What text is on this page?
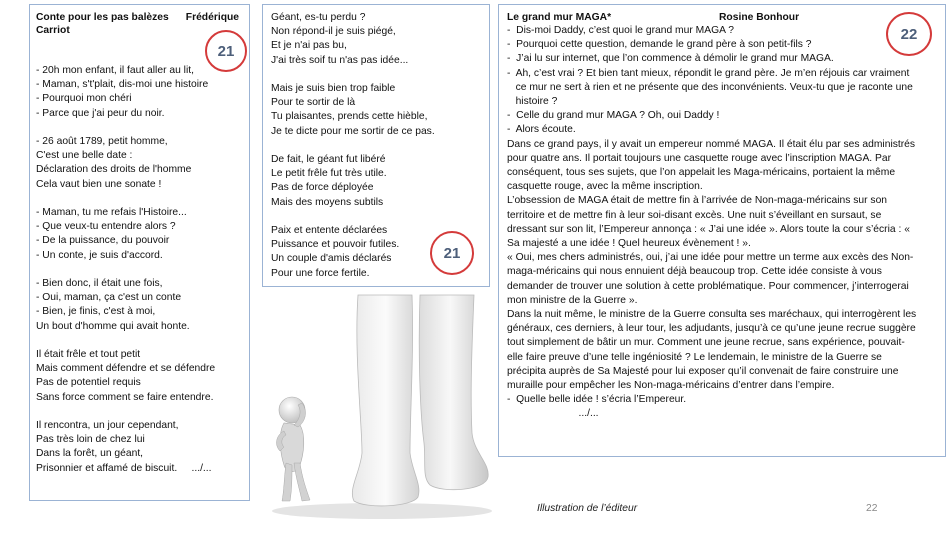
Conte pour les pas balèzes Frédérique
Carriot
- 20h mon enfant, il faut aller au lit,
- Maman, s't'plait, dis-moi une histoire
- Pourquoi mon chéri
- Parce que j'ai peur du noir.
- 26 août 1789, petit homme,
C'est une belle date :
Déclaration des droits de l'homme
Cela vaut bien une sonate !
- Maman, tu me refais l'Histoire...
- Que veux-tu entendre alors ?
- De la puissance, du pouvoir
- Un conte, je suis d'accord.
- Bien donc, il était une fois,
- Oui, maman, ça c'est un conte
- Bien, je finis, c'est à moi,
Un bout d'homme qui avait honte.
Il était frêle et tout petit
Mais comment défendre et se défendre
Pas de potentiel requis
Sans force comment se faire entendre.
Il rencontra, un jour cependant,
Pas très loin de chez lui
Dans la forêt, un géant,
Prisonnier et affamé de biscuit.     .../...
21
Géant, es-tu perdu ?
Non répond-il je suis piégé,
Et je n'ai pas bu,
J'ai très soif tu n'as pas idée...
Mais je suis bien trop faible
Pour te sortir de là
Tu plaisantes, prends cette hièble,
Je te dicte pour me sortir de ce pas.
De fait, le géant fut libéré
Le petit frêle fut très utile.
Pas de force déployée
Mais des moyens subtils
Paix et entente déclarées
Puissance et pouvoir futiles.
Un couple d'amis déclarés
Pour une force fertile.
21
Le grand mur MAGA*	Rosine Bonhour
-  Dis-moi Daddy, c’est quoi le grand mur MAGA ?
-  Pourquoi cette question, demande le grand père à son petit-fils ?
-  J’ai lu sur internet, que l’on commence à démolir le grand mur MAGA.
-  Ah, c’est vrai ? Et bien tant mieux, répondit le grand père. Je m’en réjouis car vraiment
ce mur ne sert à rien et ne présente que des inconvénients. Veux-tu que je raconte une
histoire ?
-  Celle du grand mur MAGA ? Oh, oui Daddy !
-  Alors écoute.
Dans ce grand pays, il y avait un empereur nommé MAGA. Il était élu par ses administrés
pour quatre ans. Il portait toujours une casquette rouge avec l’inscription MAGA. Par
conséquent, tous ses sujets, que l’on appelait les Maga-méricains, portaient la même
casquette rouge, avec la même inscription.
L’obsession de MAGA était de mettre fin à l’arrivée de Non-maga-méricains sur son
territoire et de mettre fin à leur soi-disant excès. Une nuit s’éveillant en sursaut, se
dressant sur son lit, l’Empereur annonça : « J’ai une idée ». Alors toute la cour s’écria : «
Sa majesté a une idée ! Quel heureux évènement ! ».
« Oui, mes chers administrés, oui, j’ai une idée pour mettre un terme aux excès des Non-
maga-méricains qui nous ennuient déjà beaucoup trop. Cette idée consiste à vous
demander de trouver une solution à cette problématique. Pour commencer, j’interrogerai
mon ministre de la Guerre ».
Dans la nuit même, le ministre de la Guerre consulta ses maréchaux, qui interrogèrent les
généraux, ces derniers, à leur tour, les adjudants, jusqu’à ce qu’une jeune recrue suggère
tout simplement de bâtir un mur. Comment une jeune recrue, sans expérience, pouvait-
elle faire preuve d’une telle ingéniosité ? Le lendemain, le ministre de la Guerre se
précipita auprès de Sa Majesté pour lui exposer qu’il convenait de faire construire une
muraille pour empêcher les Non-maga-méricains d’entrer dans l’empire.
-  Quelle belle idée ! s’écria l’Empereur.
.../...
22
Illustration de l’éditeur	22
